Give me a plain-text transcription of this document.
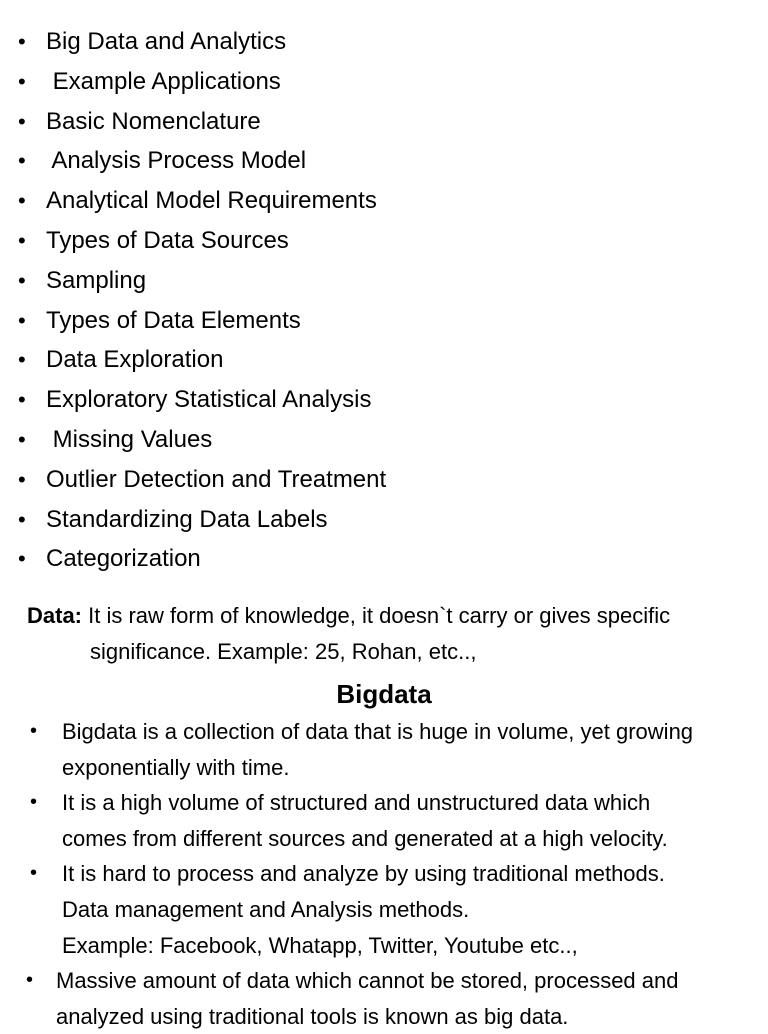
• Big Data and Analytics
• Example Applications
• Basic Nomenclature
• Analysis Process Model
• Analytical Model Requirements
• Types of Data Sources
• Sampling
• Types of Data Elements
• Data Exploration
• Exploratory Statistical Analysis
• Missing Values
• Outlier Detection and Treatment
• Standardizing Data Labels
• Categorization
Data: It is raw form of knowledge, it doesn`t carry or gives specific
significance. Example: 25, Rohan, etc..,
Bigdata
• Bigdata is a collection of data that is huge in volume, yet growing
exponentially with time.
• It is a high volume of structured and unstructured data which
comes from different sources and generated at a high velocity.
• It is hard to process and analyze by using traditional methods.
Data management and Analysis methods.
Example: Facebook, Whatapp, Twitter, Youtube etc..,
• Massive amount of data which cannot be stored, processed and
analyzed using traditional tools is known as big data.
